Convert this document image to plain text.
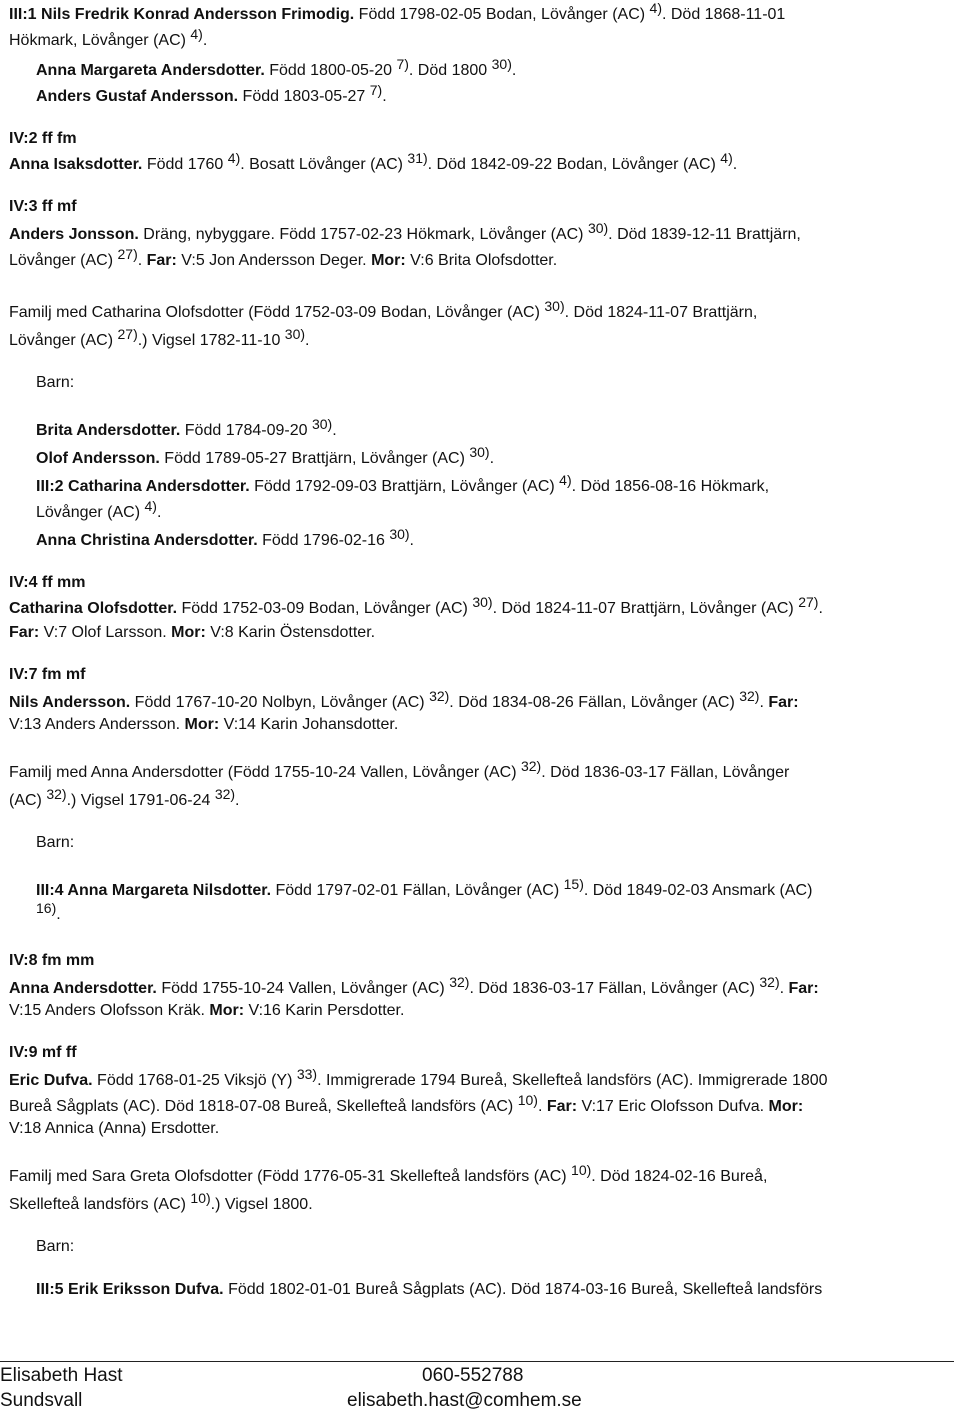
III:1 Nils Fredrik Konrad Andersson Frimodig. Född 1798-02-05 Bodan, Lövånger (AC) $^{4)}$. Död 1868-11-01
Hökmark, Lövånger (AC) $^{4)}$.
Anna Margareta Andersdotter. Född 1800-05-20 $^{7)}$. Död 1800 $^{30)}$.
Anders Gustaf Andersson. Född 1803-05-27 $^{7)}$.
IV:2 ff fm
Anna Isaksdotter. Född 1760 $^{4)}$. Bosatt Lövånger (AC) $^{31)}$. Död 1842-09-22 Bodan, Lövånger (AC) $^{4)}$.
IV:3 ff mf
Anders Jonsson. Dräng, nybyggare. Född 1757-02-23 Hökmark, Lövånger (AC) $^{30)}$. Död 1839-12-11 Brattjärn,
Lövånger (AC) $^{27)}$. Far: V:5 Jon Andersson Deger. Mor: V:6 Brita Olofsdotter.
Familj med Catharina Olofsdotter (Född 1752-03-09 Bodan, Lövånger (AC) $^{30)}$. Död 1824-11-07 Brattjärn,
Lövånger (AC) $^{27)}$.) Vigsel 1782-11-10 $^{30)}$.
Barn:
Brita Andersdotter. Född 1784-09-20 $^{30)}$.
Olof Andersson. Född 1789-05-27 Brattjärn, Lövånger (AC) $^{30)}$.
III:2 Catharina Andersdotter. Född 1792-09-03 Brattjärn, Lövånger (AC) $^{4)}$. Död 1856-08-16 Hökmark,
Lövånger (AC) $^{4)}$.
Anna Christina Andersdotter. Född 1796-02-16 $^{30)}$.
IV:4 ff mm
Catharina Olofsdotter. Född 1752-03-09 Bodan, Lövånger (AC) $^{30)}$. Död 1824-11-07 Brattjärn, Lövånger (AC) $^{27)}$.
Far: V:7 Olof Larsson. Mor: V:8 Karin Östensdotter.
IV:7 fm mf
Nils Andersson. Född 1767-10-20 Nolbyn, Lövånger (AC) $^{32)}$. Död 1834-08-26 Fällan, Lövånger (AC) $^{32)}$. Far:
V:13 Anders Andersson. Mor: V:14 Karin Johansdotter.
Familj med Anna Andersdotter (Född 1755-10-24 Vallen, Lövånger (AC) $^{32)}$. Död 1836-03-17 Fällan, Lövånger
(AC) $^{32)}$.) Vigsel 1791-06-24 $^{32)}$.
Barn:
III:4 Anna Margareta Nilsdotter. Född 1797-02-01 Fällan, Lövånger (AC) $^{15)}$. Död 1849-02-03 Ansmark (AC)
$^{16)}$.
IV:8 fm mm
Anna Andersdotter. Född 1755-10-24 Vallen, Lövånger (AC) $^{32)}$. Död 1836-03-17 Fällan, Lövånger (AC) $^{32)}$. Far:
V:15 Anders Olofsson Kräk. Mor: V:16 Karin Persdotter.
IV:9 mf ff
Eric Dufva. Född 1768-01-25 Viksjö (Y) $^{33)}$. Immigrerade 1794 Bureå, Skellefteå landsförs (AC). Immigrerade 1800
Bureå Sågplats (AC). Död 1818-07-08 Bureå, Skellefteå landsförs (AC) $^{10)}$. Far: V:17 Eric Olofsson Dufva. Mor:
V:18 Annica (Anna) Ersdotter.
Familj med Sara Greta Olofsdotter (Född 1776-05-31 Skellefteå landsförs (AC) $^{10)}$. Död 1824-02-16 Bureå,
Skellefteå landsförs (AC) $^{10)}$.) Vigsel 1800.
Barn:
III:5 Erik Eriksson Dufva. Född 1802-01-01 Bureå Sågplats (AC). Död 1874-03-16 Bureå, Skellefteå landsförs
Elisabeth Hast	060-552788
Sundsvall	elisabeth.hast@comhem.se
